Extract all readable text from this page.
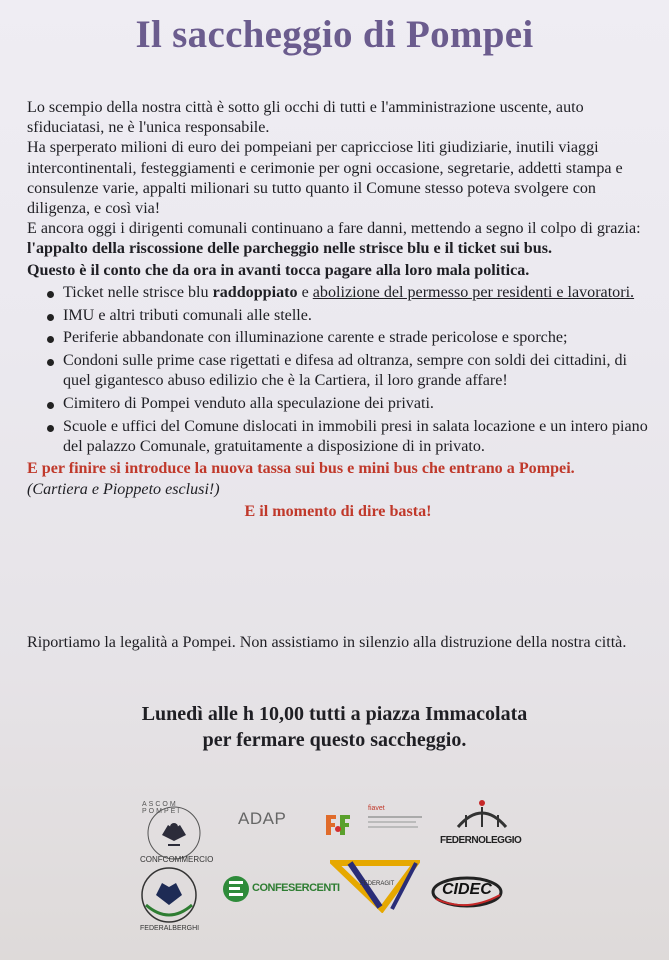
Il saccheggio di Pompei

Lo scempio della nostra città è sotto gli occhi di tutti e l'amministrazione uscente, auto sfiduciatasi, ne è l'unica responsabile.

Ha sperperato milioni di euro dei pompeiani per capricciose liti giudiziarie, inutili viaggi intercontinentali, festeggiamenti e cerimonie per ogni occasione, segretarie, addetti stampa e consulenze varie, appalti milionari su tutto quanto il Comune stesso poteva svolgere con diligenza, e così via!

E ancora oggi i dirigenti comunali continuano a fare danni, mettendo a segno il colpo di grazia: l'appalto della riscossione delle parcheggio nelle strisce blu e il ticket sui bus.

Questo è il conto che da ora in avanti tocca pagare alla loro mala politica.

Ticket nelle strisce blu raddoppiato e abolizione del permesso per residenti e lavoratori.
IMU e altri tributi comunali alle stelle.
Periferie abbandonate con illuminazione carente e strade pericolose e sporche;
Condoni sulle prime case rigettati e difesa ad oltranza, sempre con soldi dei cittadini, di quel gigantesco abuso edilizio che è la Cartiera, il loro grande affare!
Cimitero di Pompei venduto alla speculazione dei privati.
Scuole e uffici del Comune dislocati in immobili presi in salata locazione e un intero piano del palazzo Comunale, gratuitamente a disposizione di in privato.

E per finire si introduce la nuova tassa sui bus e mini bus che entrano a Pompei.

(Cartiera e Pioppeto esclusi!)

E il momento di dire basta!

Riportiamo la legalità a Pompei. Non assistiamo in silenzio alla distruzione della nostra città.
Lunedì alle h 10,00 tutti a piazza Immacolata
per fermare questo saccheggio.
ASCOM POMPEI
CONFCOMMERCIO
ADAP
fiavet
FEDERNOLEGGIO
FEDERALBERGHI
CONFESERCENTI	FEDERAGIT	CIDEC
